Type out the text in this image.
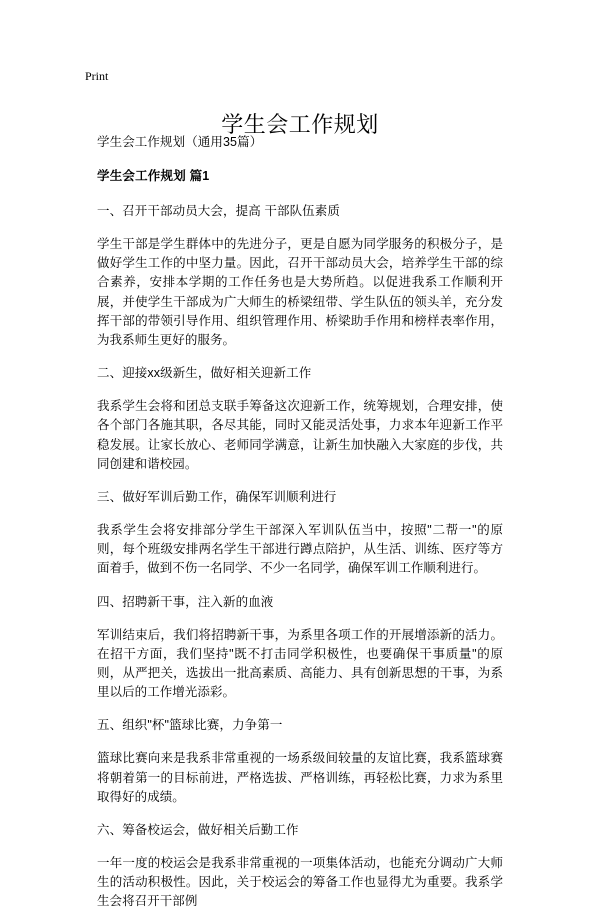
Print
学生会工作规划

学生会工作规划（通用35篇）

学生会工作规划 篇1

一、召开干部动员大会，提高 干部队伍素质

学生干部是学生群体中的先进分子，更是自愿为同学服务的积极分子，是做好学生工作的中坚力量。因此，召开干部动员大会，培养学生干部的综合素养，安排本学期的工作任务也是大势所趋。以促进我系工作顺利开展，并使学生干部成为广大师生的桥梁纽带、学生队伍的领头羊，充分发挥干部的带领引导作用、组织管理作用、桥梁助手作用和榜样表率作用，为我系师生更好的服务。

二、迎接xx级新生，做好相关迎新工作

我系学生会将和团总支联手筹备这次迎新工作，统筹规划，合理安排，使各个部门各施其职，各尽其能，同时又能灵活处事，力求本年迎新工作平稳发展。让家长放心、老师同学满意，让新生加快融入大家庭的步伐，共同创建和谐校园。

三、做好军训后勤工作，确保军训顺利进行

我系学生会将安排部分学生干部深入军训队伍当中，按照"二帮一"的原则，每个班级安排两名学生干部进行蹲点陪护，从生活、训练、医疗等方面着手，做到不伤一名同学、不少一名同学，确保军训工作顺利进行。

四、招聘新干事，注入新的血液

军训结束后，我们将招聘新干事，为系里各项工作的开展增添新的活力。在招干方面，我们坚持"既不打击同学积极性，也要确保干事质量"的原则，从严把关，选拔出一批高素质、高能力、具有创新思想的干事，为系里以后的工作增光添彩。

五、组织"杯"篮球比赛，力争第一

篮球比赛向来是我系非常重视的一场系级间较量的友谊比赛，我系篮球赛将朝着第一的目标前进，严格选拔、严格训练，再轻松比赛，力求为系里取得好的成绩。

六、筹备校运会，做好相关后勤工作

一年一度的校运会是我系非常重视的一项集体活动，也能充分调动广大师生的活动积极性。因此，关于校运会的筹备工作也显得尤为重要。我系学生会将召开干部例
